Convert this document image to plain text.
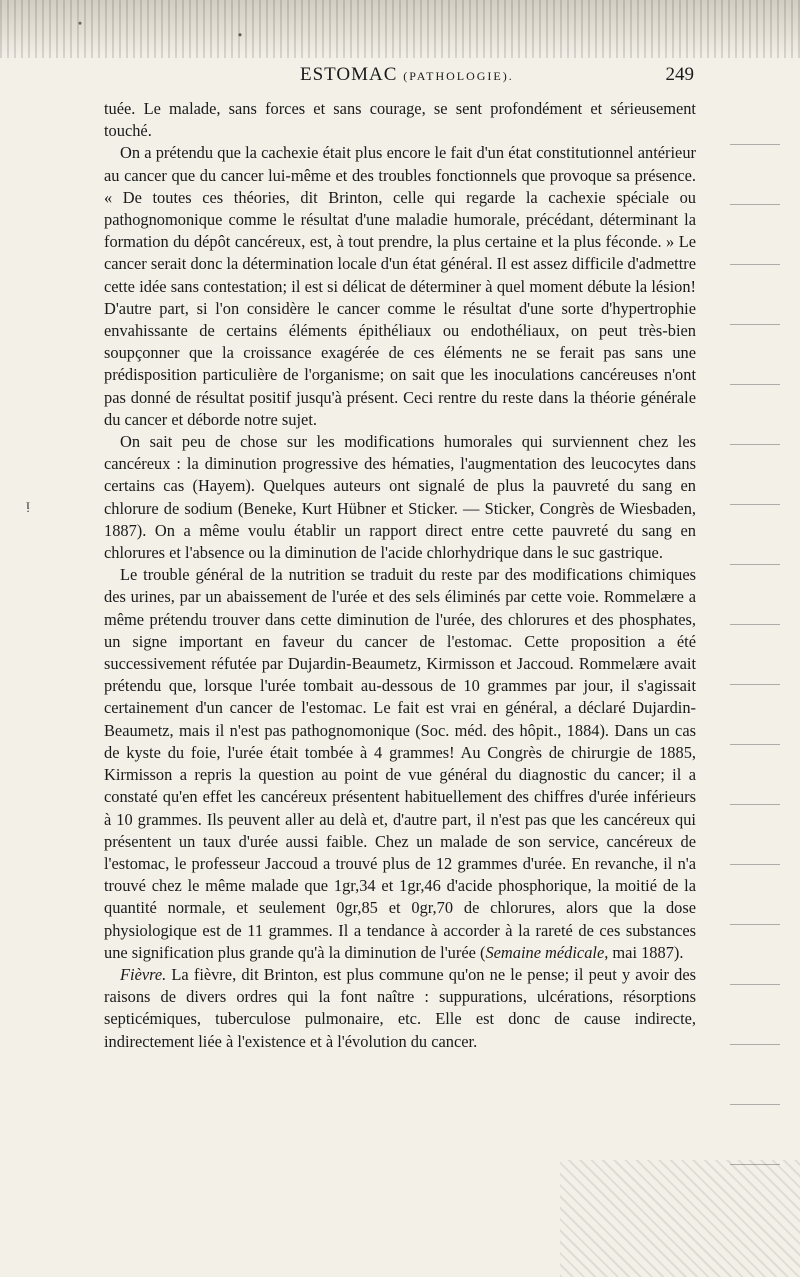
ᴉ
ESTOMAC (PATHOLOGIE).	249

tuée. Le malade, sans forces et sans courage, se sent profondément et sérieusement touché.

On a prétendu que la cachexie était plus encore le fait d'un état constitutionnel antérieur au cancer que du cancer lui-même et des troubles fonctionnels que provoque sa présence. « De toutes ces théories, dit Brinton, celle qui regarde la cachexie spéciale ou pathognomonique comme le résultat d'une maladie humorale, précédant, déterminant la formation du dépôt cancéreux, est, à tout prendre, la plus certaine et la plus féconde. » Le cancer serait donc la détermination locale d'un état général. Il est assez difficile d'admettre cette idée sans contestation; il est si délicat de déterminer à quel moment débute la lésion! D'autre part, si l'on considère le cancer comme le résultat d'une sorte d'hypertrophie envahissante de certains éléments épithéliaux ou endothéliaux, on peut très-bien soupçonner que la croissance exagérée de ces éléments ne se ferait pas sans une prédisposition particulière de l'organisme; on sait que les inoculations cancéreuses n'ont pas donné de résultat positif jusqu'à présent. Ceci rentre du reste dans la théorie générale du cancer et déborde notre sujet.

On sait peu de chose sur les modifications humorales qui surviennent chez les cancéreux : la diminution progressive des hématies, l'augmentation des leucocytes dans certains cas (Hayem). Quelques auteurs ont signalé de plus la pauvreté du sang en chlorure de sodium (Beneke, Kurt Hübner et Sticker. — Sticker, Congrès de Wiesbaden, 1887). On a même voulu établir un rapport direct entre cette pauvreté du sang en chlorures et l'absence ou la diminution de l'acide chlorhydrique dans le suc gastrique.

Le trouble général de la nutrition se traduit du reste par des modifications chimiques des urines, par un abaissement de l'urée et des sels éliminés par cette voie. Rommelære a même prétendu trouver dans cette diminution de l'urée, des chlorures et des phosphates, un signe important en faveur du cancer de l'estomac. Cette proposition a été successivement réfutée par Dujardin-Beaumetz, Kirmisson et Jaccoud. Rommelære avait prétendu que, lorsque l'urée tombait au-dessous de 10 grammes par jour, il s'agissait certainement d'un cancer de l'estomac. Le fait est vrai en général, a déclaré Dujardin-Beaumetz, mais il n'est pas pathognomonique (Soc. méd. des hôpit., 1884). Dans un cas de kyste du foie, l'urée était tombée à 4 grammes! Au Congrès de chirurgie de 1885, Kirmisson a repris la question au point de vue général du diagnostic du cancer; il a constaté qu'en effet les cancéreux présentent habituellement des chiffres d'urée inférieurs à 10 grammes. Ils peuvent aller au delà et, d'autre part, il n'est pas que les cancéreux qui présentent un taux d'urée aussi faible. Chez un malade de son service, cancéreux de l'estomac, le professeur Jaccoud a trouvé plus de 12 grammes d'urée. En revanche, il n'a trouvé chez le même malade que 1gr,34 et 1gr,46 d'acide phosphorique, la moitié de la quantité normale, et seulement 0gr,85 et 0gr,70 de chlorures, alors que la dose physiologique est de 11 grammes. Il a tendance à accorder à la rareté de ces substances une signification plus grande qu'à la diminution de l'urée (Semaine médicale, mai 1887).

Fièvre. La fièvre, dit Brinton, est plus commune qu'on ne le pense; il peut y avoir des raisons de divers ordres qui la font naître : suppurations, ulcérations, résorptions septicémiques, tuberculose pulmonaire, etc. Elle est donc de cause indirecte, indirectement liée à l'existence et à l'évolution du cancer.
